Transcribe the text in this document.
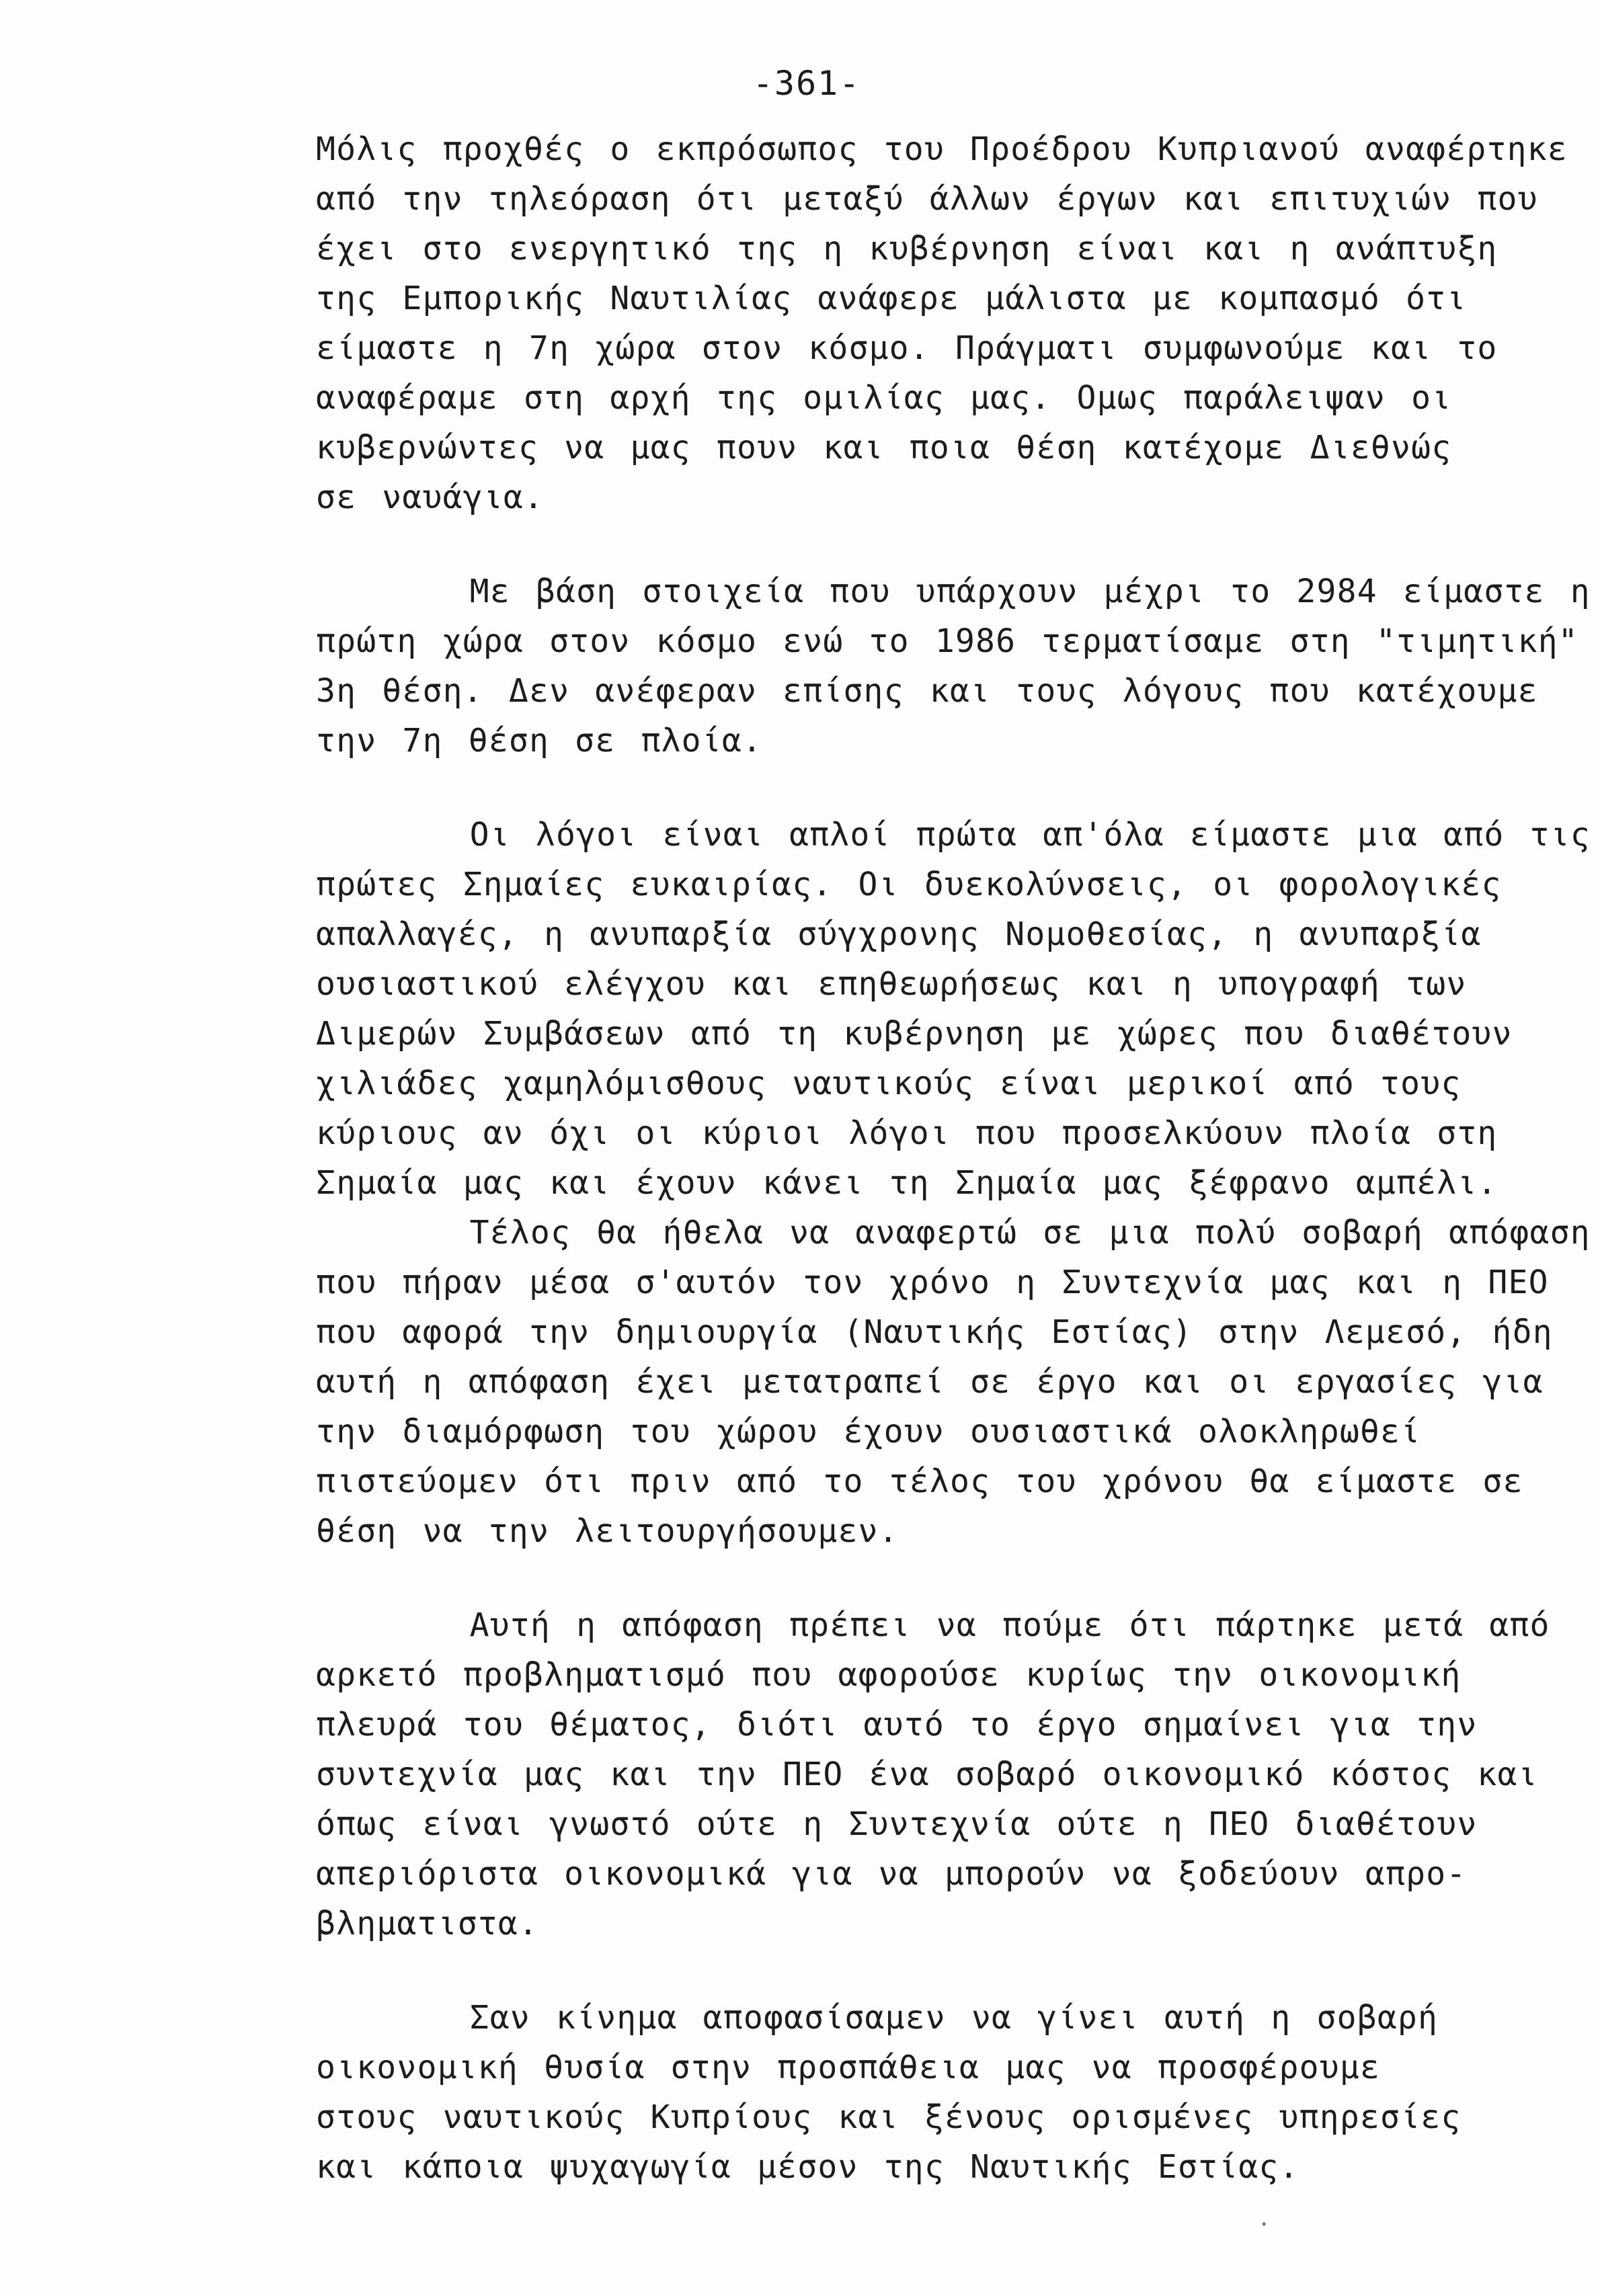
-361-
Μόλις προχθές ο εκπρόσωπος του Προέδρου Κυπριανού αναφέρτηκε
από την τηλεόραση ότι μεταξύ άλλων έργων και επιτυχιών που
έχει στο ενεργητικό της η κυβέρνηση είναι και η ανάπτυξη
της Εμπορικής Ναυτιλίας ανάφερε μάλιστα με κομπασμό ότι
είμαστε η 7η χώρα στον κόσμο. Πράγματι συμφωνούμε και το
αναφέραμε στη αρχή της ομιλίας μας. Ομως παράλειψαν οι
κυβερνώντες να μας πουν και ποια θέση κατέχομε Διεθνώς
σε ναυάγια.
Με βάση στοιχεία που υπάρχουν μέχρι το 2984 είμαστε η
πρώτη χώρα στον κόσμο ενώ το 1986 τερματίσαμε στη "τιμητική"
3η θέση. Δεν ανέφεραν επίσης και τους λόγους που κατέχουμε
την 7η θέση σε πλοία.
Οι λόγοι είναι απλοί πρώτα απ'όλα είμαστε μια από τις
πρώτες Σημαίες ευκαιρίας. Οι δυεκολύνσεις, οι φορολογικές
απαλλαγές, η ανυπαρξία σύγχρονης Νομοθεσίας, η ανυπαρξία
ουσιαστικού ελέγχου και επηθεωρήσεως και η υπογραφή των
Διμερών Συμβάσεων από τη κυβέρνηση με χώρες που διαθέτουν
χιλιάδες χαμηλόμισθους ναυτικούς είναι μερικοί από τους
κύριους αν όχι οι κύριοι λόγοι που προσελκύουν πλοία στη
Σημαία μας και έχουν κάνει τη Σημαία μας ξέφρανο αμπέλι.
Τέλος θα ήθελα να αναφερτώ σε μια πολύ σοβαρή απόφαση
που πήραν μέσα σ'αυτόν τον χρόνο η Συντεχνία μας και η ΠΕΟ
που αφορά την δημιουργία (Ναυτικής Εστίας) στην Λεμεσό, ήδη
αυτή η απόφαση έχει μετατραπεί σε έργο και οι εργασίες για
την διαμόρφωση του χώρου έχουν ουσιαστικά ολοκληρωθεί
πιστεύομεν ότι πριν από το τέλος του χρόνου θα είμαστε σε
θέση να την λειτουργήσουμεν.
Αυτή η απόφαση πρέπει να πούμε ότι πάρτηκε μετά από
αρκετό προβληματισμό που αφορούσε κυρίως την οικονομική
πλευρά του θέματος, διότι αυτό το έργο σημαίνει για την
συντεχνία μας και την ΠΕΟ ένα σοβαρό οικονομικό κόστος και
όπως είναι γνωστό ούτε η Συντεχνία ούτε η ΠΕΟ διαθέτουν
απεριόριστα οικονομικά για να μπορούν να ξοδεύουν απρο-
βληματιστα.
Σαν κίνημα αποφασίσαμεν να γίνει αυτή η σοβαρή
οικονομική θυσία στην προσπάθεια μας να προσφέρουμε
στους ναυτικούς Κυπρίους και ξένους ορισμένες υπηρεσίες
και κάποια ψυχαγωγία μέσον της Ναυτικής Εστίας.
·
